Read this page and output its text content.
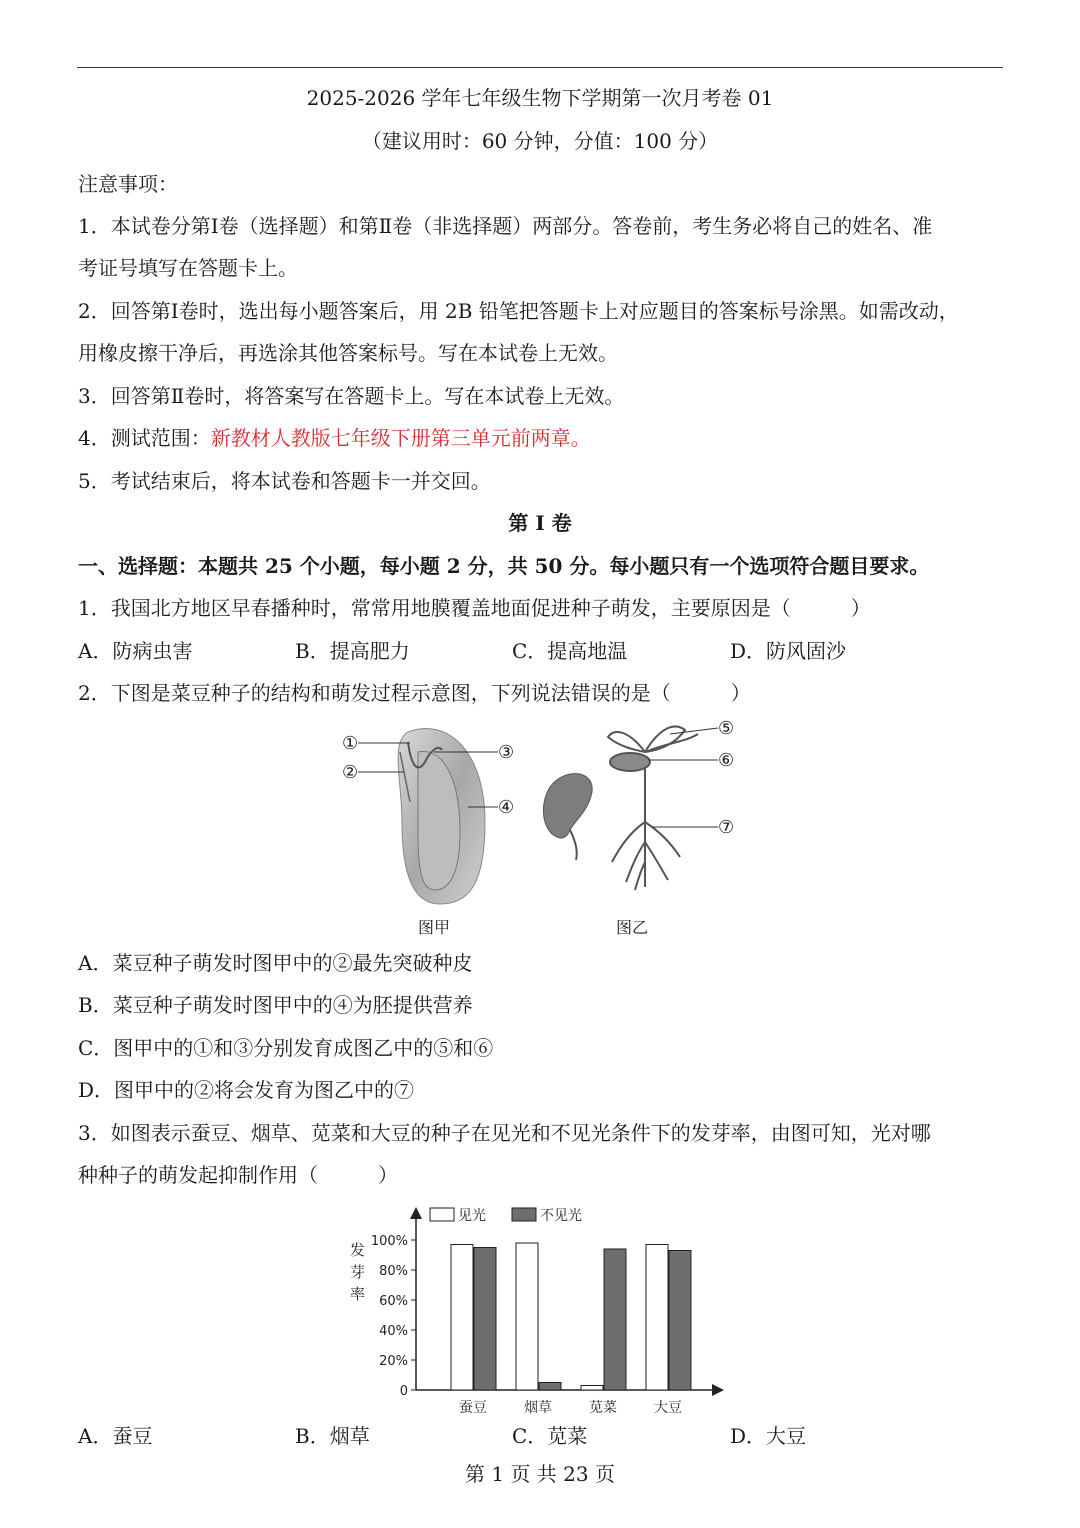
2025-2026 学年七年级生物下学期第一次月考卷 01
（建议用时：60 分钟，分值：100 分）
注意事项：
1．本试卷分第Ⅰ卷（选择题）和第Ⅱ卷（非选择题）两部分。答卷前，考生务必将自己的姓名、准
考证号填写在答题卡上。
2．回答第Ⅰ卷时，选出每小题答案后，用 2B 铅笔把答题卡上对应题目的答案标号涂黑。如需改动，
用橡皮擦干净后，再选涂其他答案标号。写在本试卷上无效。
3．回答第Ⅱ卷时，将答案写在答题卡上。写在本试卷上无效。
4．测试范围：新教材人教版七年级下册第三单元前两章。
5．考试结束后，将本试卷和答题卡一并交回。
第 I 卷
一、选择题：本题共 25 个小题，每小题 2 分，共 50 分。每小题只有一个选项符合题目要求。
1．我国北方地区早春播种时，常常用地膜覆盖地面促进种子萌发，主要原因是（　　　）
A．防病虫害	B．提高肥力	C．提高地温	D．防风固沙
2．下图是菜豆种子的结构和萌发过程示意图，下列说法错误的是（　　　）
①
②
③
④
⑤
⑥
⑦
图甲	图乙
A．菜豆种子萌发时图甲中的②最先突破种皮
B．菜豆种子萌发时图甲中的④为胚提供营养
C．图甲中的①和③分别发育成图乙中的⑤和⑥
D．图甲中的②将会发育为图乙中的⑦
3．如图表示蚕豆、烟草、苋菜和大豆的种子在见光和不见光条件下的发芽率，由图可知，光对哪
种种子的萌发起抑制作用（　　　）
见光	不见光
发芽率
0
20%
40%
60%
80%
100%
蚕豆	烟草	苋菜	大豆
A．蚕豆	B．烟草	C．苋菜	D．大豆
第 1 页 共 23 页
